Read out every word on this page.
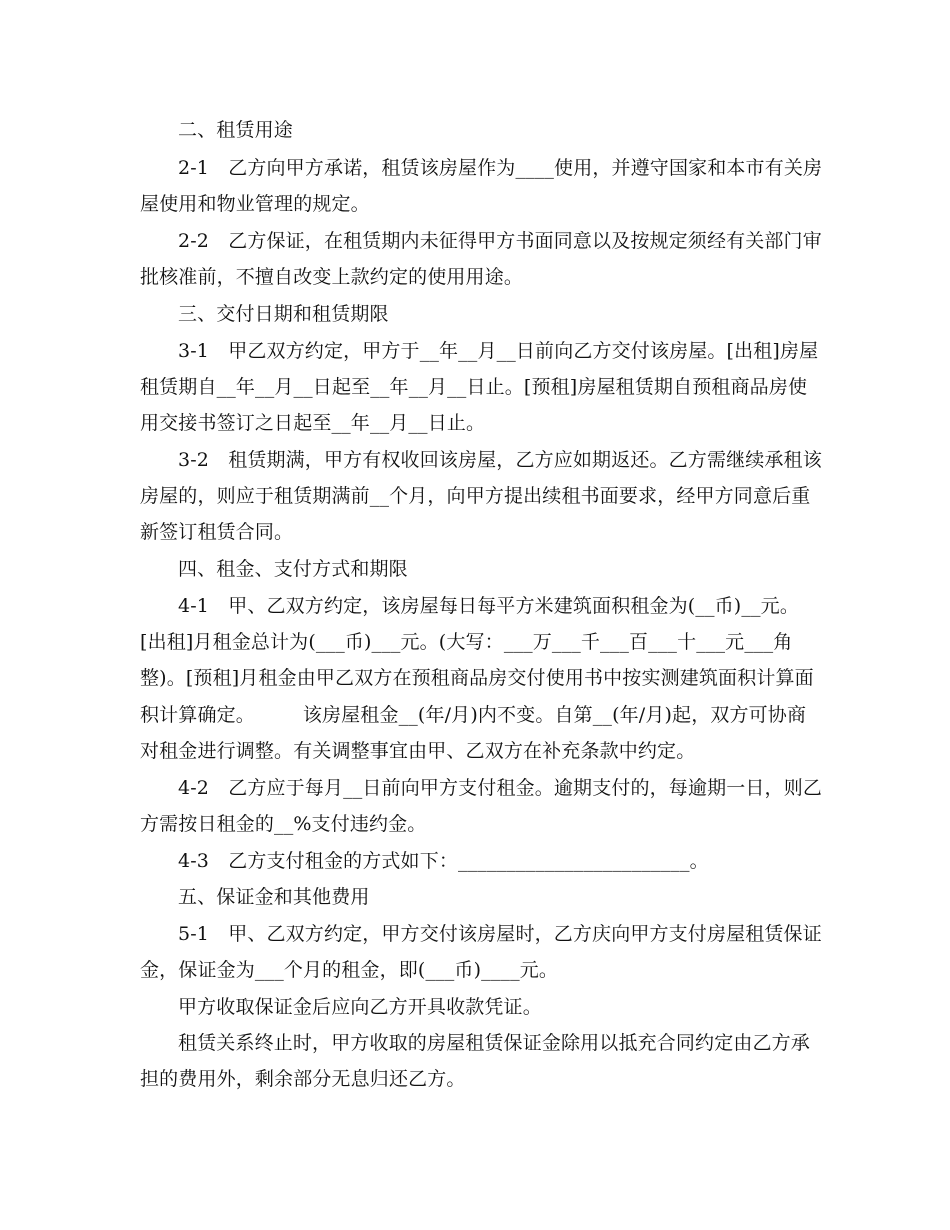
二、租赁用途
2-1　乙方向甲方承诺，租赁该房屋作为____使用，并遵守国家和本市有关房
屋使用和物业管理的规定。
2-2　乙方保证，在租赁期内未征得甲方书面同意以及按规定须经有关部门审
批核准前，不擅自改变上款约定的使用用途。
三、交付日期和租赁期限
3-1　甲乙双方约定，甲方于__年__月__日前向乙方交付该房屋。[出租]房屋
租赁期自__年__月__日起至__年__月__日止。[预租]房屋租赁期自预租商品房使
用交接书签订之日起至__年__月__日止。
3-2　租赁期满，甲方有权收回该房屋，乙方应如期返还。乙方需继续承租该
房屋的，则应于租赁期满前__个月，向甲方提出续租书面要求，经甲方同意后重
新签订租赁合同。
四、租金、支付方式和期限
4-1　甲、乙双方约定，该房屋每日每平方米建筑面积租金为(__币)__元。
[出租]月租金总计为(___币)___元。(大写：___万___千___百___十___元___角
整)。[预租]月租金由甲乙双方在预租商品房交付使用书中按实测建筑面积计算面
积计算确定。　　　该房屋租金__(年/月)内不变。自第__(年/月)起，双方可协商
对租金进行调整。有关调整事宜由甲、乙双方在补充条款中约定。
4-2　乙方应于每月__日前向甲方支付租金。逾期支付的，每逾期一日，则乙
方需按日租金的__%支付违约金。
4-3　乙方支付租金的方式如下：________________________。
五、保证金和其他费用
5-1　甲、乙双方约定，甲方交付该房屋时，乙方庆向甲方支付房屋租赁保证
金，保证金为___个月的租金，即(___币)____元。
甲方收取保证金后应向乙方开具收款凭证。
租赁关系终止时，甲方收取的房屋租赁保证金除用以抵充合同约定由乙方承
担的费用外，剩余部分无息归还乙方。
